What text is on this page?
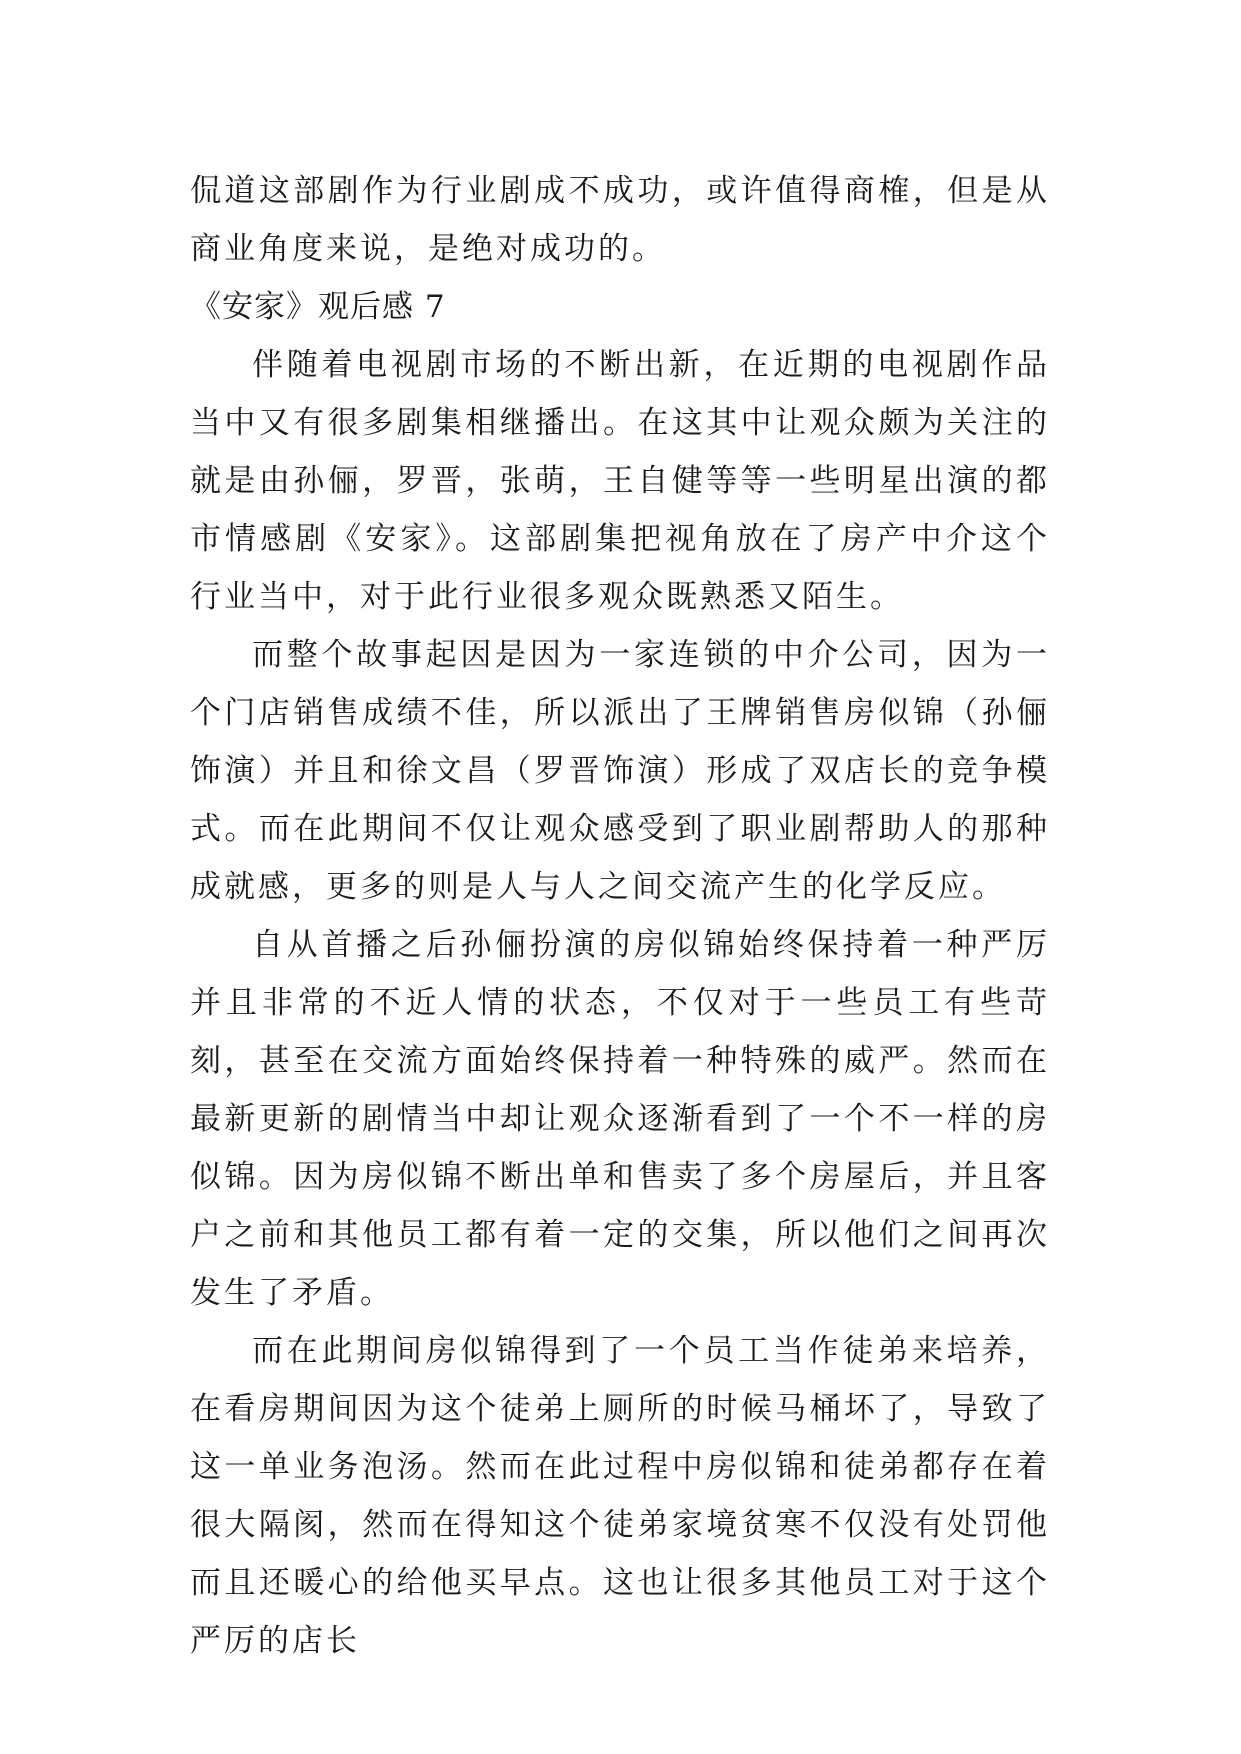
侃道这部剧作为行业剧成不成功，或许值得商榷，但是从商业角度来说，是绝对成功的。

《安家》观后感 7

伴随着电视剧市场的不断出新，在近期的电视剧作品当中又有很多剧集相继播出。在这其中让观众颇为关注的就是由孙俪，罗晋，张萌，王自健等等一些明星出演的都市情感剧《安家》。这部剧集把视角放在了房产中介这个行业当中，对于此行业很多观众既熟悉又陌生。

而整个故事起因是因为一家连锁的中介公司，因为一个门店销售成绩不佳，所以派出了王牌销售房似锦（孙俪饰演）并且和徐文昌（罗晋饰演）形成了双店长的竞争模式。而在此期间不仅让观众感受到了职业剧帮助人的那种成就感，更多的则是人与人之间交流产生的化学反应。

自从首播之后孙俪扮演的房似锦始终保持着一种严厉并且非常的不近人情的状态，不仅对于一些员工有些苛刻，甚至在交流方面始终保持着一种特殊的威严。然而在最新更新的剧情当中却让观众逐渐看到了一个不一样的房似锦。因为房似锦不断出单和售卖了多个房屋后，并且客户之前和其他员工都有着一定的交集，所以他们之间再次发生了矛盾。

而在此期间房似锦得到了一个员工当作徒弟来培养，在看房期间因为这个徒弟上厕所的时候马桶坏了，导致了这一单业务泡汤。然而在此过程中房似锦和徒弟都存在着很大隔阂，然而在得知这个徒弟家境贫寒不仅没有处罚他而且还暖心的给他买早点。这也让很多其他员工对于这个严厉的店长
